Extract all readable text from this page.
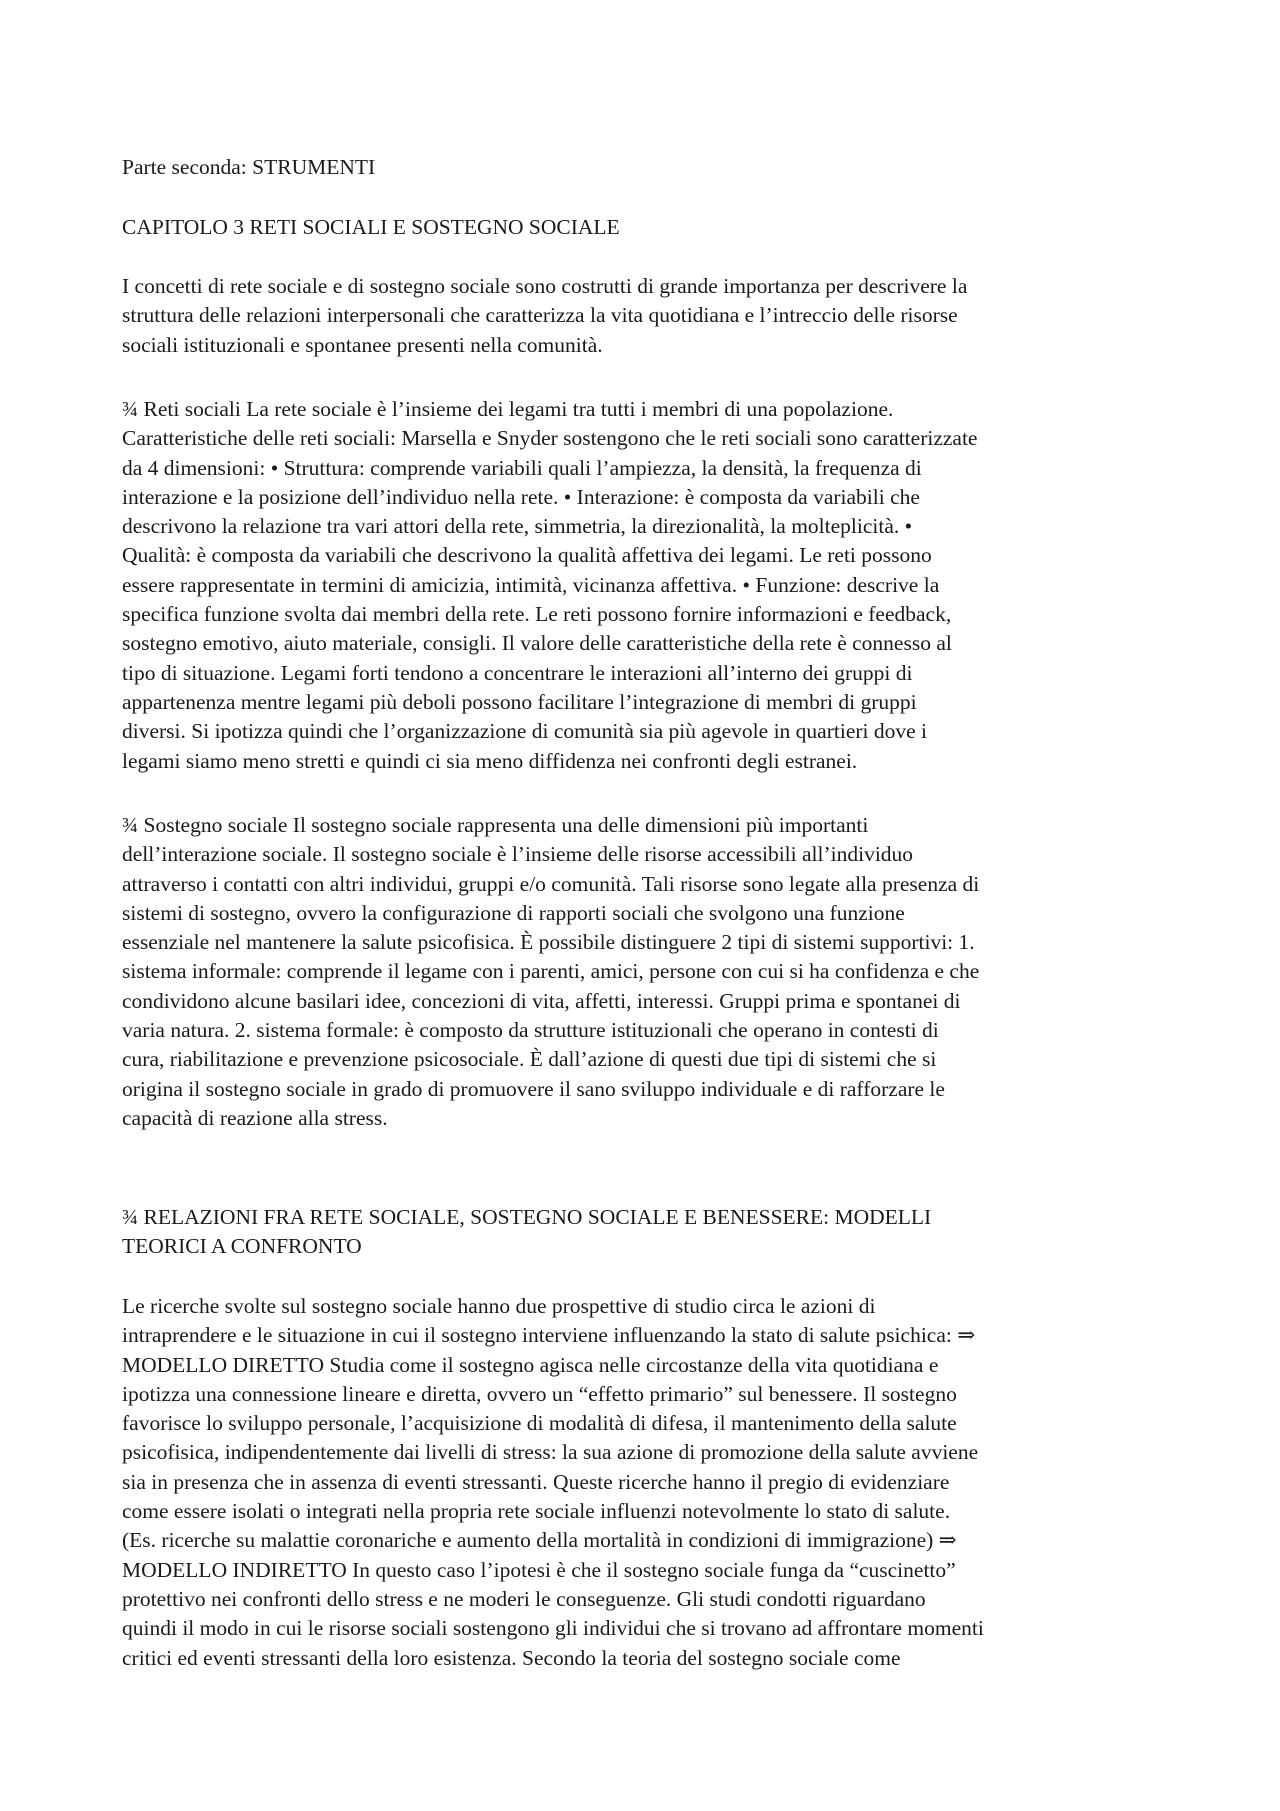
Parte seconda: STRUMENTI
CAPITOLO 3 RETI SOCIALI E SOSTEGNO SOCIALE
I concetti di rete sociale e di sostegno sociale sono costrutti di grande importanza per descrivere la
struttura delle relazioni interpersonali che caratterizza la vita quotidiana e l’intreccio delle risorse
sociali istituzionali e spontanee presenti nella comunità.
¾ Reti sociali La rete sociale è l’insieme dei legami tra tutti i membri di una popolazione.
Caratteristiche delle reti sociali: Marsella e Snyder sostengono che le reti sociali sono caratterizzate
da 4 dimensioni: • Struttura: comprende variabili quali l’ampiezza, la densità, la frequenza di
interazione e la posizione dell’individuo nella rete. • Interazione: è composta da variabili che
descrivono la relazione tra vari attori della rete, simmetria, la direzionalità, la molteplicità. •
Qualità: è composta da variabili che descrivono la qualità affettiva dei legami. Le reti possono
essere rappresentate in termini di amicizia, intimità, vicinanza affettiva. • Funzione: descrive la
specifica funzione svolta dai membri della rete. Le reti possono fornire informazioni e feedback,
sostegno emotivo, aiuto materiale, consigli. Il valore delle caratteristiche della rete è connesso al
tipo di situazione. Legami forti tendono a concentrare le interazioni all’interno dei gruppi di
appartenenza mentre legami più deboli possono facilitare l’integrazione di membri di gruppi
diversi. Si ipotizza quindi che l’organizzazione di comunità sia più agevole in quartieri dove i
legami siamo meno stretti e quindi ci sia meno diffidenza nei confronti degli estranei.
¾ Sostegno sociale Il sostegno sociale rappresenta una delle dimensioni più importanti
dell’interazione sociale. Il sostegno sociale è l’insieme delle risorse accessibili all’individuo
attraverso i contatti con altri individui, gruppi e/o comunità. Tali risorse sono legate alla presenza di
sistemi di sostegno, ovvero la configurazione di rapporti sociali che svolgono una funzione
essenziale nel mantenere la salute psicofisica. È possibile distinguere 2 tipi di sistemi supportivi: 1.
sistema informale: comprende il legame con i parenti, amici, persone con cui si ha confidenza e che
condividono alcune basilari idee, concezioni di vita, affetti, interessi. Gruppi prima e spontanei di
varia natura. 2. sistema formale: è composto da strutture istituzionali che operano in contesti di
cura, riabilitazione e prevenzione psicosociale. È dall’azione di questi due tipi di sistemi che si
origina il sostegno sociale in grado di promuovere il sano sviluppo individuale e di rafforzare le
capacità di reazione alla stress.
¾ RELAZIONI FRA RETE SOCIALE, SOSTEGNO SOCIALE E BENESSERE: MODELLI
TEORICI A CONFRONTO
Le ricerche svolte sul sostegno sociale hanno due prospettive di studio circa le azioni di
intraprendere e le situazione in cui il sostegno interviene influenzando la stato di salute psichica: ⇒
MODELLO DIRETTO Studia come il sostegno agisca nelle circostanze della vita quotidiana e
ipotizza una connessione lineare e diretta, ovvero un “effetto primario” sul benessere. Il sostegno
favorisce lo sviluppo personale, l’acquisizione di modalità di difesa, il mantenimento della salute
psicofisica, indipendentemente dai livelli di stress: la sua azione di promozione della salute avviene
sia in presenza che in assenza di eventi stressanti. Queste ricerche hanno il pregio di evidenziare
come essere isolati o integrati nella propria rete sociale influenzi notevolmente lo stato di salute.
(Es. ricerche su malattie coronariche e aumento della mortalità in condizioni di immigrazione) ⇒
MODELLO INDIRETTO In questo caso l’ipotesi è che il sostegno sociale funga da “cuscinetto”
protettivo nei confronti dello stress e ne moderi le conseguenze. Gli studi condotti riguardano
quindi il modo in cui le risorse sociali sostengono gli individui che si trovano ad affrontare momenti
critici ed eventi stressanti della loro esistenza. Secondo la teoria del sostegno sociale come
